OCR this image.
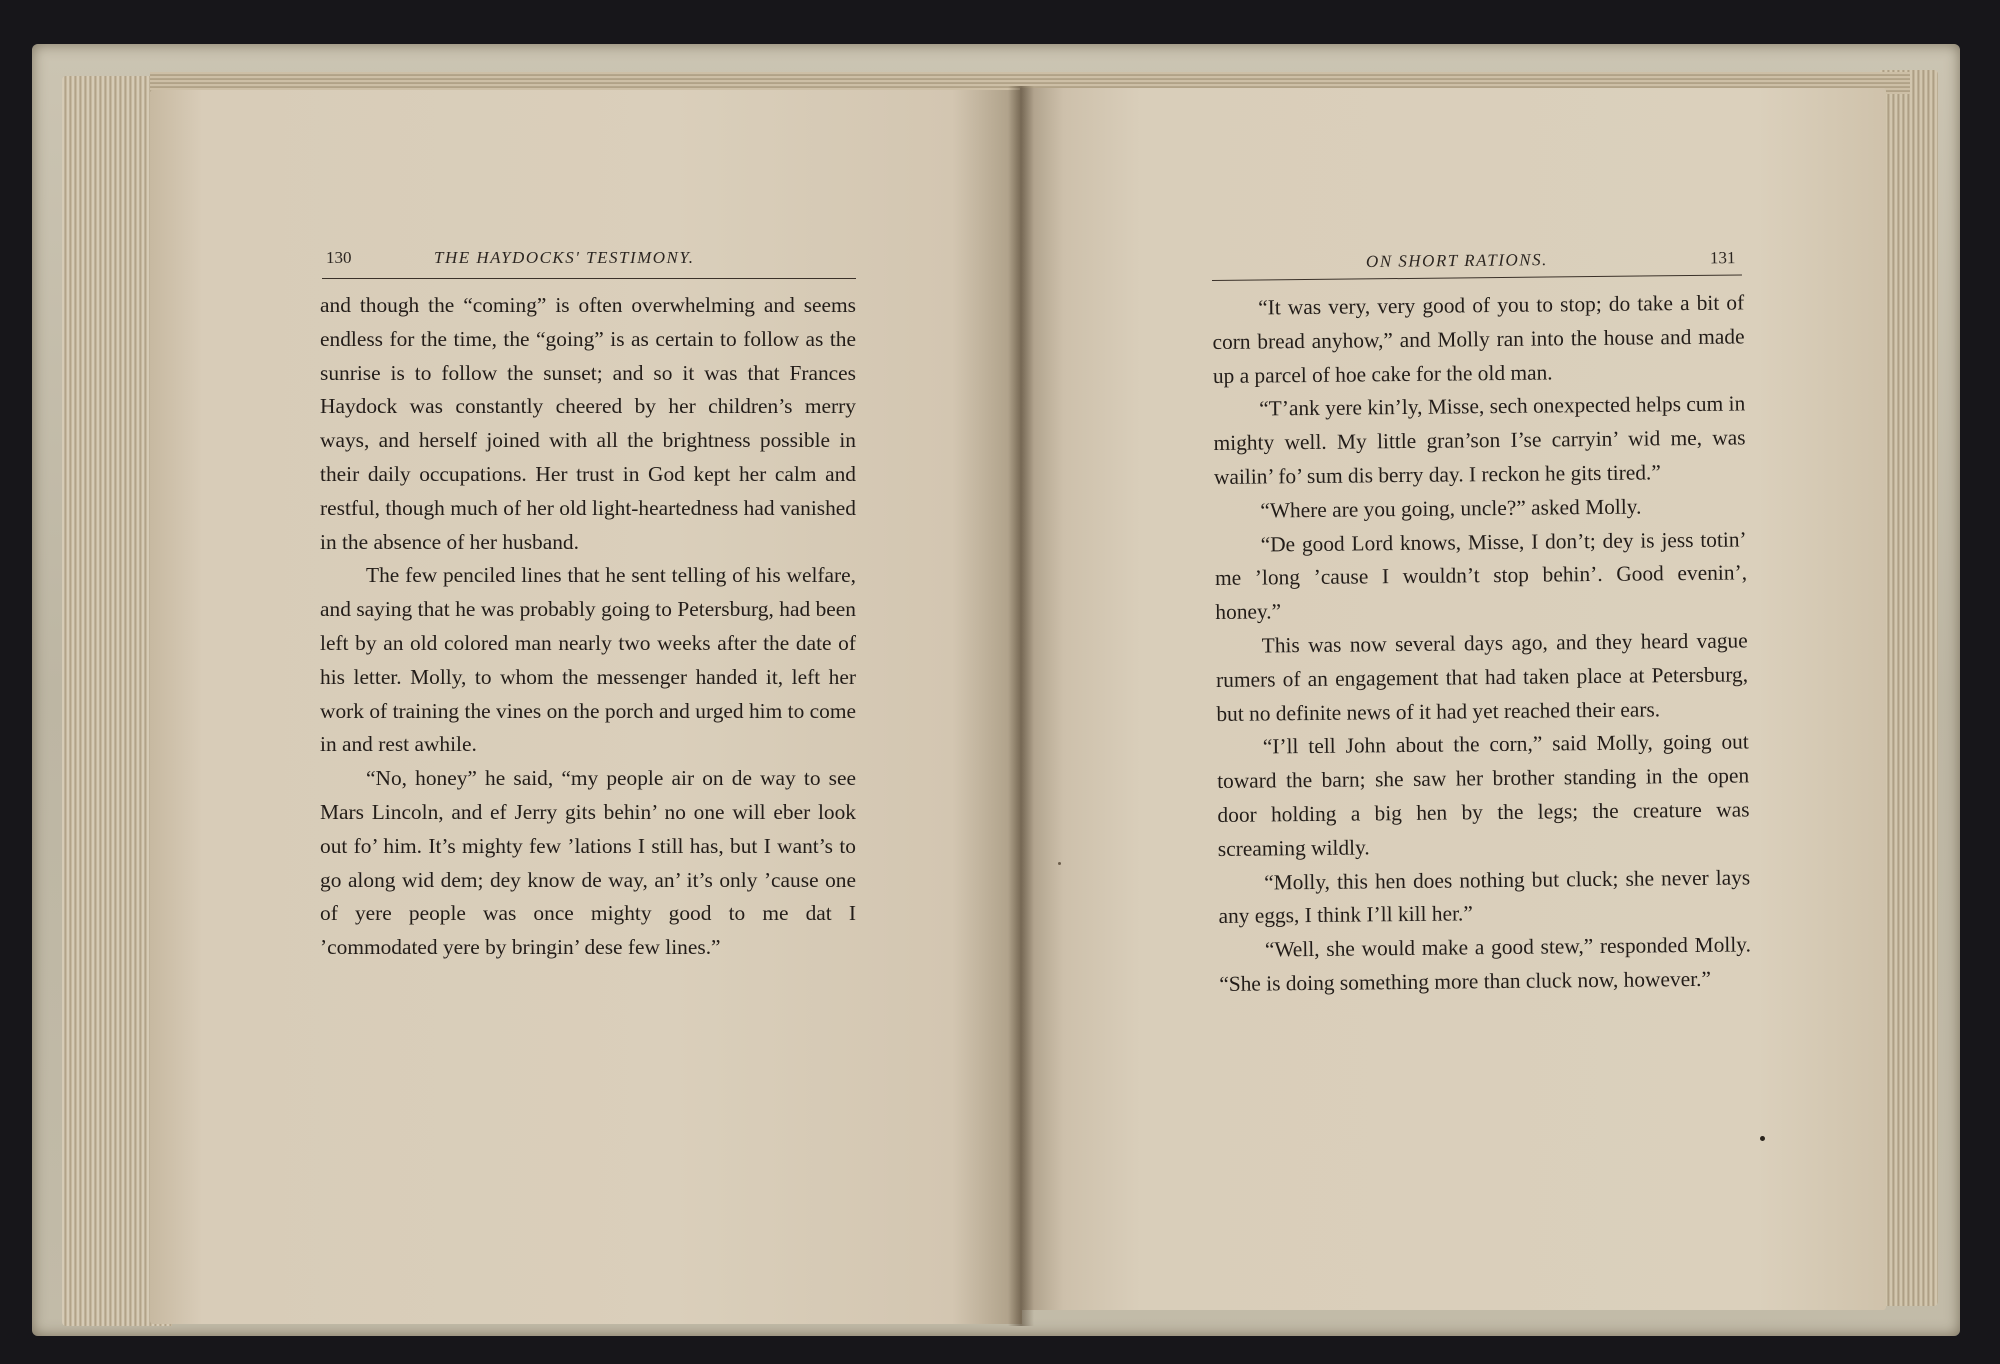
130	THE HAYDOCKS' TESTIMONY.

and though the “coming” is often overwhelming and seems endless for the time, the “going” is as certain to follow as the sunrise is to follow the sunset; and so it was that Frances Haydock was constantly cheered by her children’s merry ways, and herself joined with all the brightness possible in their daily occupations. Her trust in God kept her calm and restful, though much of her old light-heartedness had vanished in the absence of her husband.

The few penciled lines that he sent telling of his welfare, and saying that he was probably going to Petersburg, had been left by an old colored man nearly two weeks after the date of his letter. Molly, to whom the messenger handed it, left her work of training the vines on the porch and urged him to come in and rest awhile.

“No, honey” he said, “my people air on de way to see Mars Lincoln, and ef Jerry gits behin’ no one will eber look out fo’ him. It’s mighty few ’lations I still has, but I want’s to go along wid dem; dey know de way, an’ it’s only ’cause one of yere people was once mighty good to me dat I ’commodated yere by bringin’ dese few lines.”

ON SHORT RATIONS.	131

“It was very, very good of you to stop; do take a bit of corn bread anyhow,” and Molly ran into the house and made up a parcel of hoe cake for the old man.

“T’ank yere kin’ly, Misse, sech onexpected helps cum in mighty well. My little gran’son I’se carryin’ wid me, was wailin’ fo’ sum dis berry day. I reckon he gits tired.”

“Where are you going, uncle?” asked Molly.

“De good Lord knows, Misse, I don’t; dey is jess totin’ me ’long ’cause I wouldn’t stop behin’. Good evenin’, honey.”

This was now several days ago, and they heard vague rumers of an engagement that had taken place at Petersburg, but no definite news of it had yet reached their ears.

“I’ll tell John about the corn,” said Molly, going out toward the barn; she saw her brother standing in the open door holding a big hen by the legs; the creature was screaming wildly.

“Molly, this hen does nothing but cluck; she never lays any eggs, I think I’ll kill her.”

“Well, she would make a good stew,” responded Molly. “She is doing something more than cluck now, however.”
